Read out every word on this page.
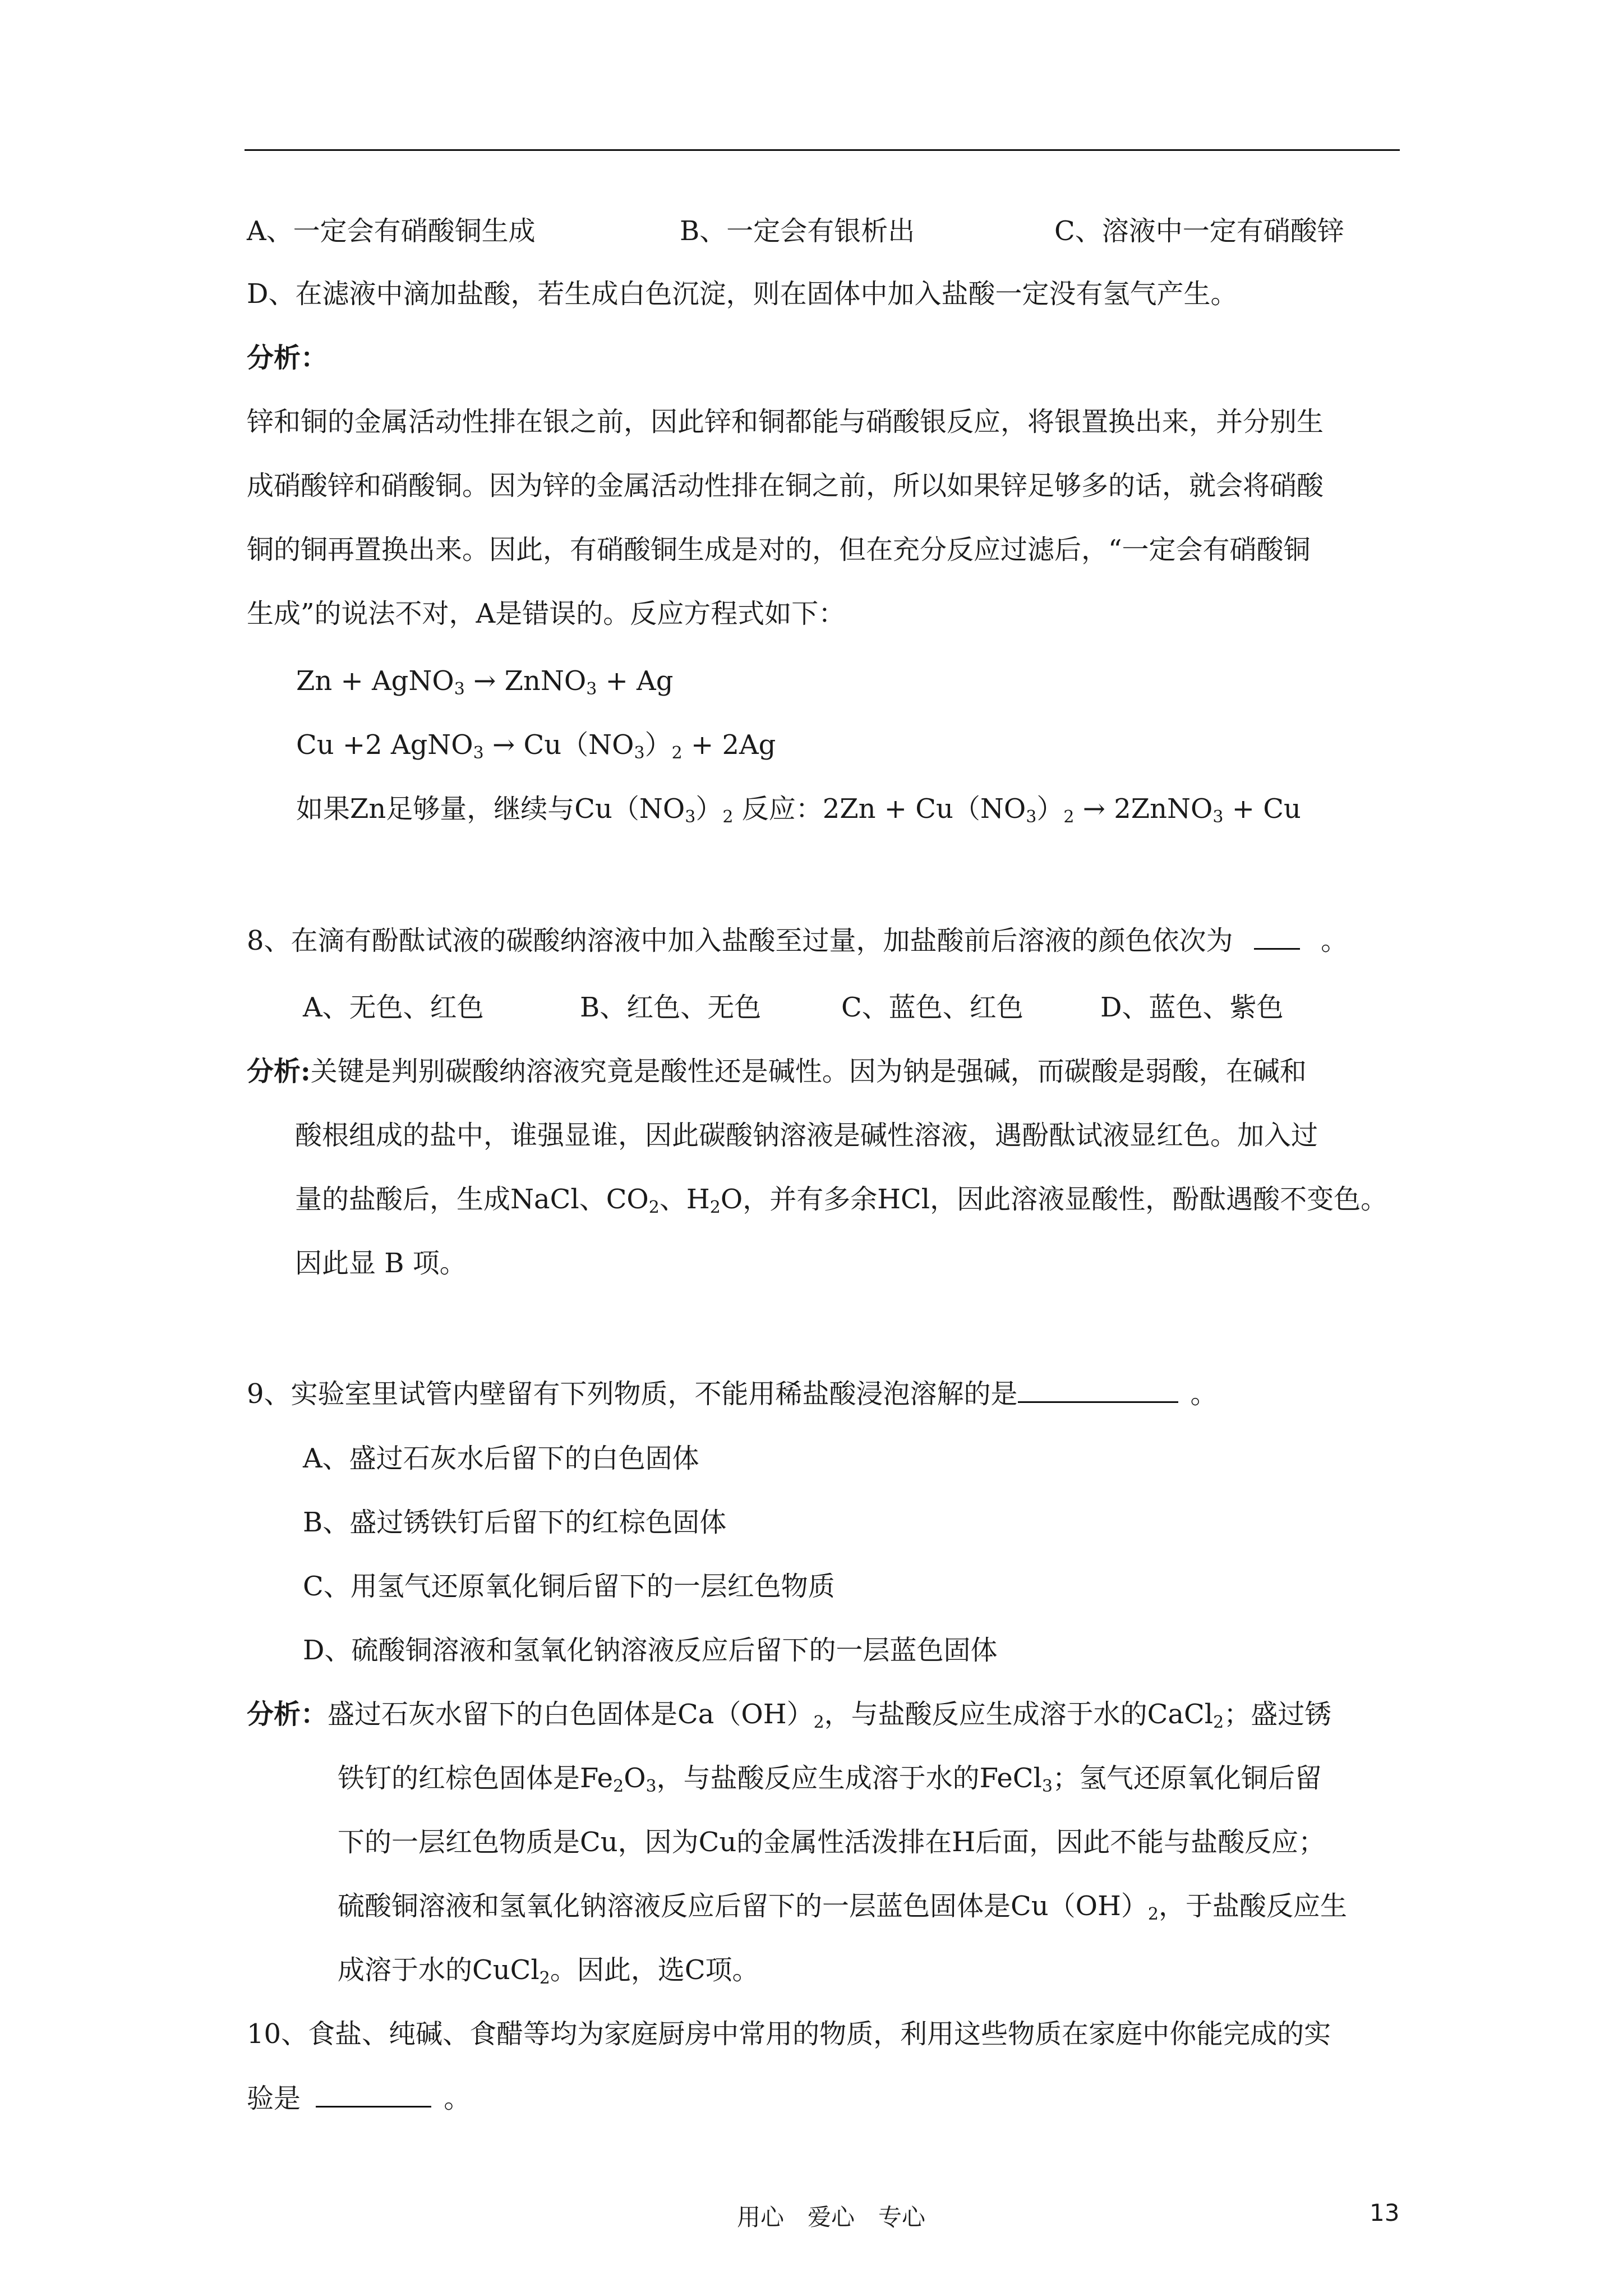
A、一定会有硝酸铜生成	B、一定会有银析出	C、溶液中一定有硝酸锌
D、在滤液中滴加盐酸，若生成白色沉淀，则在固体中加入盐酸一定没有氢气产生。
分析：
锌和铜的金属活动性排在银之前，因此锌和铜都能与硝酸银反应，将银置换出来，并分别生
成硝酸锌和硝酸铜。因为锌的金属活动性排在铜之前，所以如果锌足够多的话，就会将硝酸
铜的铜再置换出来。因此，有硝酸铜生成是对的，但在充分反应过滤后，“一定会有硝酸铜
生成”的说法不对，A是错误的。反应方程式如下：
Zn + AgNO$_3$ → ZnNO$_3$ + Ag
Cu +2 AgNO$_3$ → $Cu(NO_3)_2 + 2Ag$
如果Zn足够量，继续与$Cu(NO_3)_2$ 反应：$2Zn + Cu(NO_3)_2$ → 2ZnNO$_3$ + Cu
8、在滴有酚酞试液的碳酸纳溶液中加入盐酸至过量，加盐酸前后溶液的颜色依次为	。
A、无色、红色	B、红色、无色	C、蓝色、红色	D、蓝色、紫色
分析:关键是判别碳酸纳溶液究竟是酸性还是碱性。因为钠是强碱，而碳酸是弱酸，在碱和
酸根组成的盐中，谁强显谁，因此碳酸钠溶液是碱性溶液，遇酚酞试液显红色。加入过
量的盐酸后，生成NaCl、$CO_2$、$H_2O$，并有多余HCl，因此溶液显酸性，酚酞遇酸不变色。
因此显 B 项。
9、实验室里试管内壁留有下列物质，不能用稀盐酸浸泡溶解的是	。
A、盛过石灰水后留下的白色固体
B、盛过锈铁钉后留下的红棕色固体
C、用氢气还原氧化铜后留下的一层红色物质
D、硫酸铜溶液和氢氧化钠溶液反应后留下的一层蓝色固体
分析：盛过石灰水留下的白色固体是$Ca(OH)_2$，与盐酸反应生成溶于水的CaCl$_2$；盛过锈
铁钉的红棕色固体是$Fe_2O_3$，与盐酸反应生成溶于水的FeCl$_3$；氢气还原氧化铜后留
下的一层红色物质是Cu，因为Cu的金属性活泼排在H后面，因此不能与盐酸反应；
硫酸铜溶液和氢氧化钠溶液反应后留下的一层蓝色固体是$Cu(OH)_2$，于盐酸反应生
成溶于水的CuCl$_2$。因此，选C项。
10、食盐、纯碱、食醋等均为家庭厨房中常用的物质，利用这些物质在家庭中你能完成的实
验是	。
用心　爱心　专心	13
